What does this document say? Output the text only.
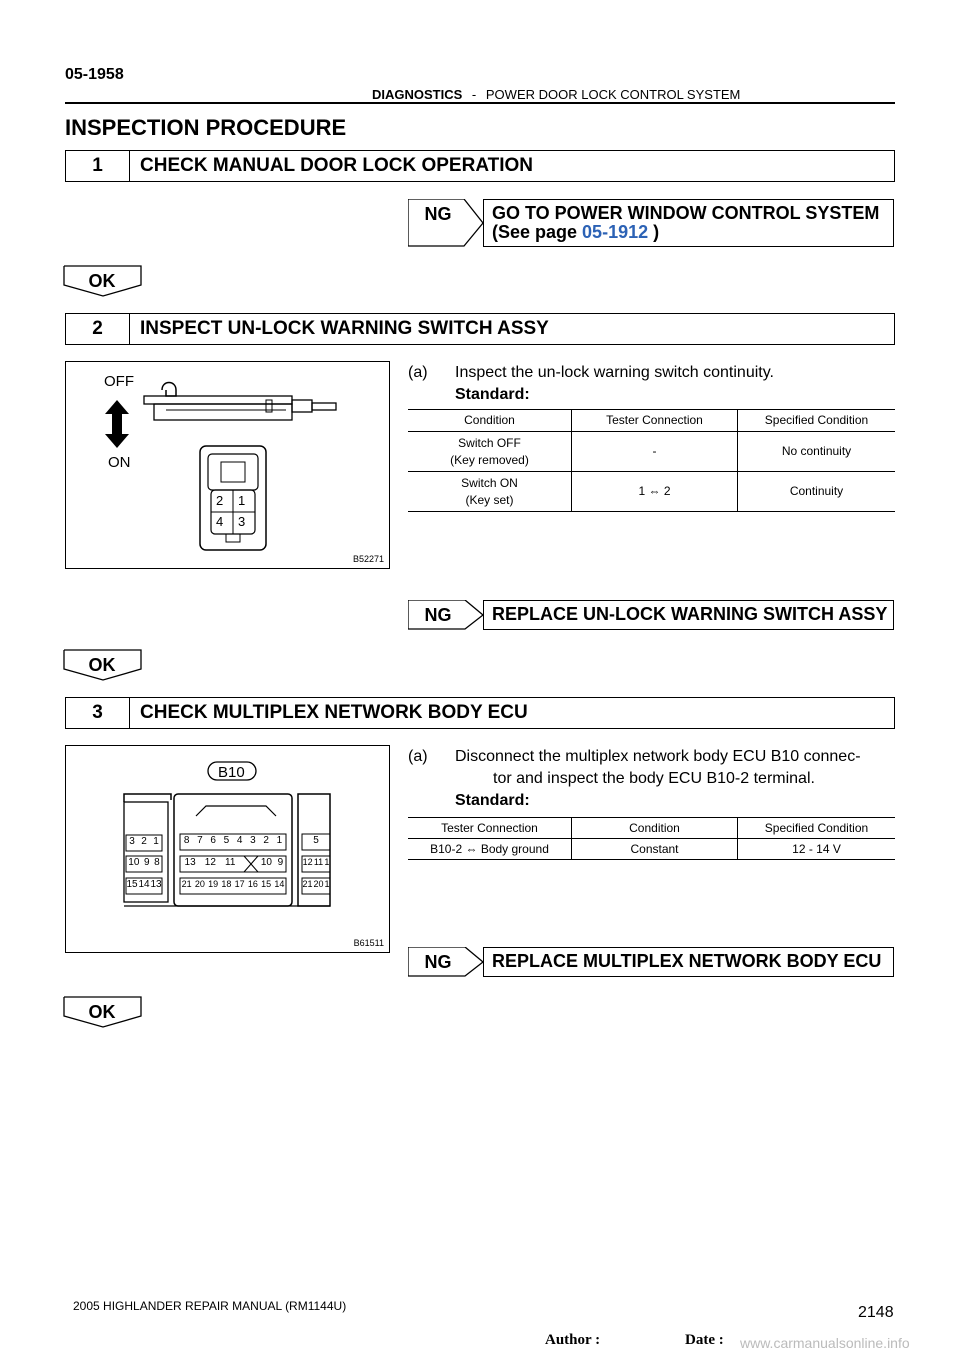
05-1958
DIAGNOSTICS - POWER DOOR LOCK CONTROL SYSTEM
INSPECTION PROCEDURE
1	CHECK MANUAL DOOR LOCK OPERATION
NG	GO TO POWER WINDOW CONTROL SYSTEM
(See page 05-1912 )
OK
2	INSPECT UN-LOCK WARNING SWITCH ASSY
OFF
ON
2 1
4 3
B52271
(a) Inspect the un-lock warning switch continuity.
Standard:
Condition	Tester Connection	Specified Condition

Switch OFF
(Key removed)	-	No continuity

Switch ON
(Key set)	1 ⇔ 2	Continuity
NG	REPLACE UN-LOCK WARNING SWITCH ASSY
OK
3	CHECK MULTIPLEX NETWORK BODY ECU
B10
3 2 1
10 9 8
15 14 13
8 7 6 5 4 3 2 1
13 12 11	10 9
21 20 19 18 17 16 15 14
5
12 11 1
21 20 1
B61511
(a) Disconnect the multiplex network body ECU B10 connec-
tor and inspect the body ECU B10-2 terminal.
Standard:
Tester Connection	Condition	Specified Condition
B10-2 ⇔ Body ground	Constant	12 - 14 V
NG	REPLACE MULTIPLEX NETWORK BODY ECU
OK
2005 HIGHLANDER REPAIR MANUAL (RM1144U)	2148
Author :	Date : www.carmanualsonline.info
